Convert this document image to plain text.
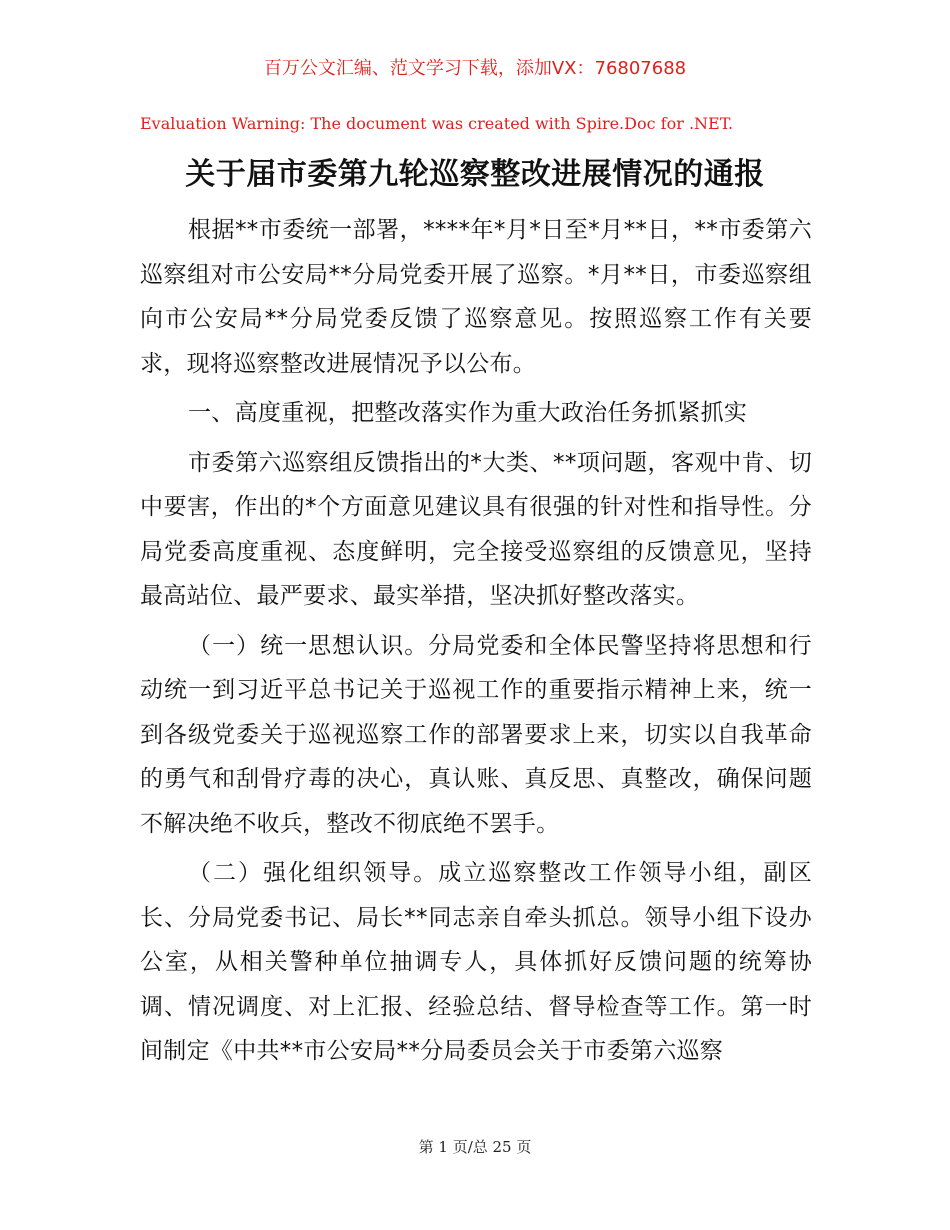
百万公文汇编、范文学习下载，添加VX：76807688
Evaluation Warning: The document was created with Spire.Doc for .NET.
关于届市委第九轮巡察整改进展情况的通报

根据**市委统一部署，****年*月*日至*月**日，**市委第六巡察组对市公安局**分局党委开展了巡察。*月**日，市委巡察组向市公安局**分局党委反馈了巡察意见。按照巡察工作有关要求，现将巡察整改进展情况予以公布。

一、高度重视，把整改落实作为重大政治任务抓紧抓实

市委第六巡察组反馈指出的*大类、**项问题，客观中肯、切中要害，作出的*个方面意见建议具有很强的针对性和指导性。分局党委高度重视、态度鲜明，完全接受巡察组的反馈意见，坚持最高站位、最严要求、最实举措，坚决抓好整改落实。

（一）统一思想认识。分局党委和全体民警坚持将思想和行动统一到习近平总书记关于巡视工作的重要指示精神上来，统一到各级党委关于巡视巡察工作的部署要求上来，切实以自我革命的勇气和刮骨疗毒的决心，真认账、真反思、真整改，确保问题不解决绝不收兵，整改不彻底绝不罢手。

（二）强化组织领导。成立巡察整改工作领导小组，副区长、分局党委书记、局长**同志亲自牵头抓总。领导小组下设办公室，从相关警种单位抽调专人，具体抓好反馈问题的统筹协调、情况调度、对上汇报、经验总结、督导检查等工作。第一时间制定《中共**市公安局**分局委员会关于市委第六巡察

第 1 页/总 25 页
